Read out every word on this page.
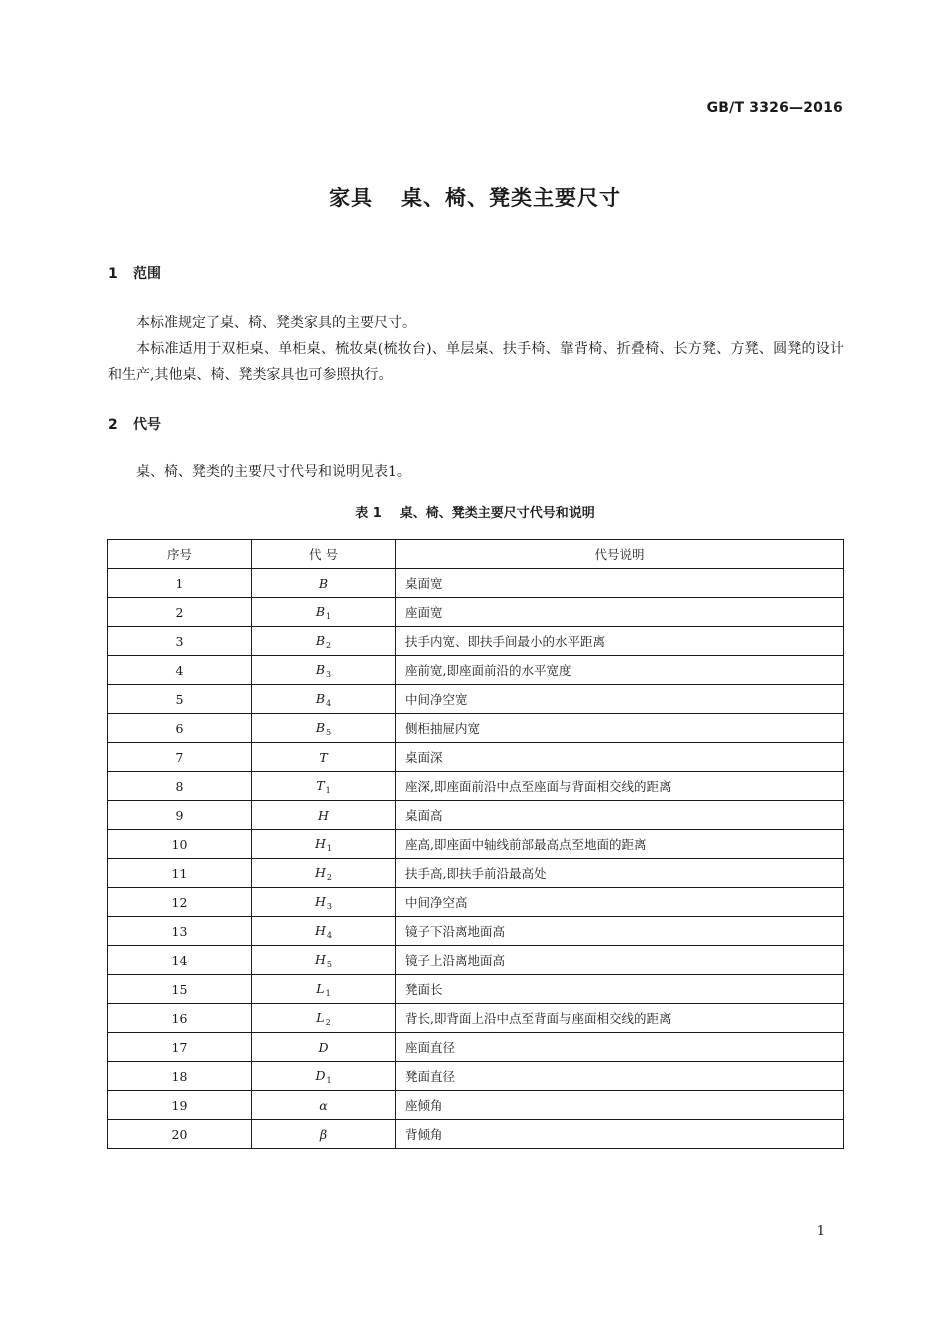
GB/T 3326—2016
家具 桌、椅、凳类主要尺寸
1 范围
本标准规定了桌、椅、凳类家具的主要尺寸。
本标准适用于双柜桌、单柜桌、梳妆桌(梳妆台)、单层桌、扶手椅、靠背椅、折叠椅、长方凳、方凳、圆凳的设计和生产,其他桌、椅、凳类家具也可参照执行。
2 代号
桌、椅、凳类的主要尺寸代号和说明见表1。
表 1 桌、椅、凳类主要尺寸代号和说明
序号	代 号	代号说明
1	B	桌面宽
2	$B_1$	座面宽
3	$B_2$	扶手内宽、即扶手间最小的水平距离
4	$B_3$	座前宽,即座面前沿的水平宽度
5	$B_4$	中间净空宽
6	$B_5$	侧柜抽屉内宽
7	T	桌面深
8	$T_1$	座深,即座面前沿中点至座面与背面相交线的距离
9	H	桌面高
10	$H_1$	座高,即座面中轴线前部最高点至地面的距离
11	$H_2$	扶手高,即扶手前沿最高处
12	$H_3$	中间净空高
13	$H_4$	镜子下沿离地面高
14	$H_5$	镜子上沿离地面高
15	$L_1$	凳面长
16	$L_2$	背长,即背面上沿中点至背面与座面相交线的距离
17	D	座面直径
18	$D_1$	凳面直径
19	α	座倾角
20	β	背倾角
1
